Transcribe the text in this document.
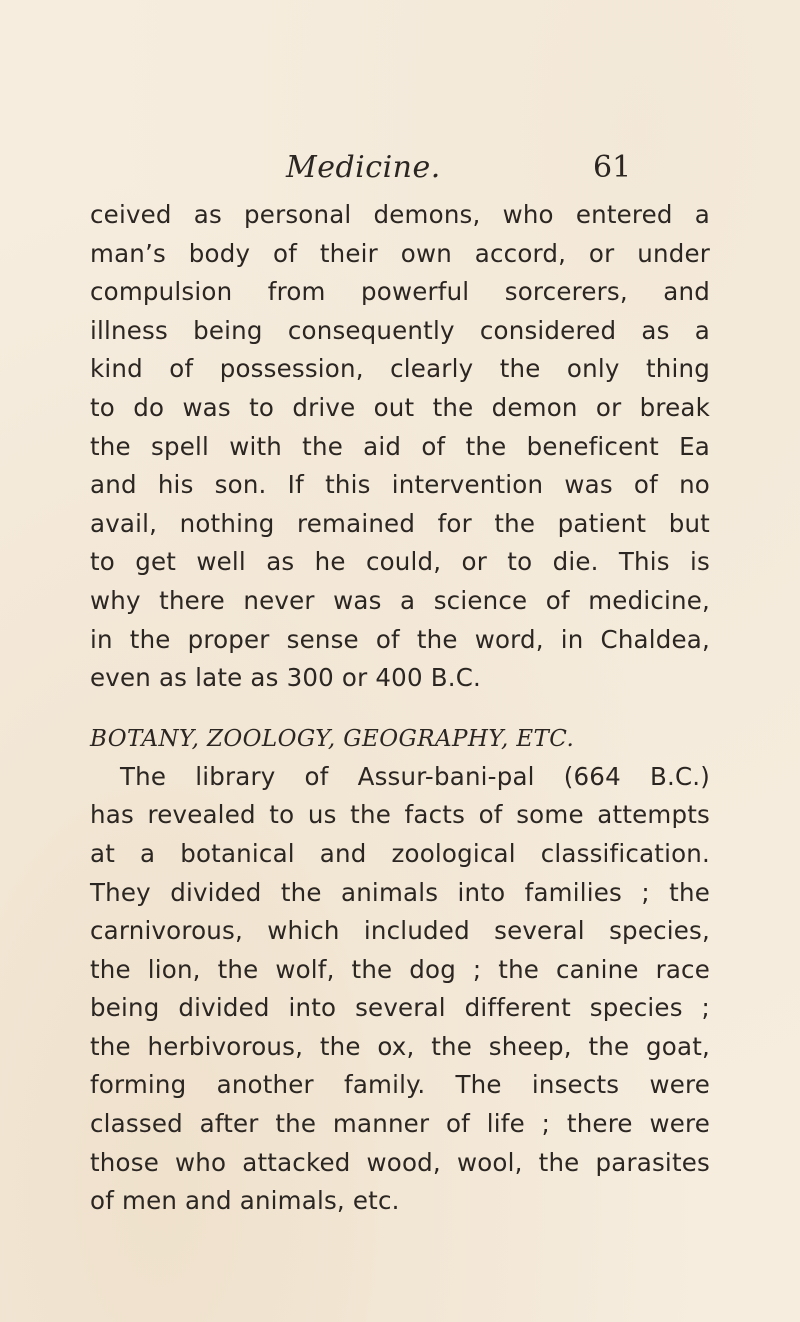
Medicine.	61
ceived as personal demons, who entered a
man’s body of their own accord, or under
compulsion from powerful sorcerers, and
illness being consequently considered as a
kind of possession, clearly the only thing
to do was to drive out the demon or break
the spell with the aid of the beneficent Ea
and his son. If this intervention was of no
avail, nothing remained for the patient but
to get well as he could, or to die. This is
why there never was a science of medicine,
in the proper sense of the word, in Chaldea,
even as late as 300 or 400 B.C.
BOTANY, ZOOLOGY, GEOGRAPHY, ETC.
The library of Assur-bani-pal (664 B.C.)
has revealed to us the facts of some attempts
at a botanical and zoological classification.
They divided the animals into families ; the
carnivorous, which included several species,
the lion, the wolf, the dog ; the canine race
being divided into several different species ;
the herbivorous, the ox, the sheep, the goat,
forming another family. The insects were
classed after the manner of life ; there were
those who attacked wood, wool, the parasites
of men and animals, etc.
